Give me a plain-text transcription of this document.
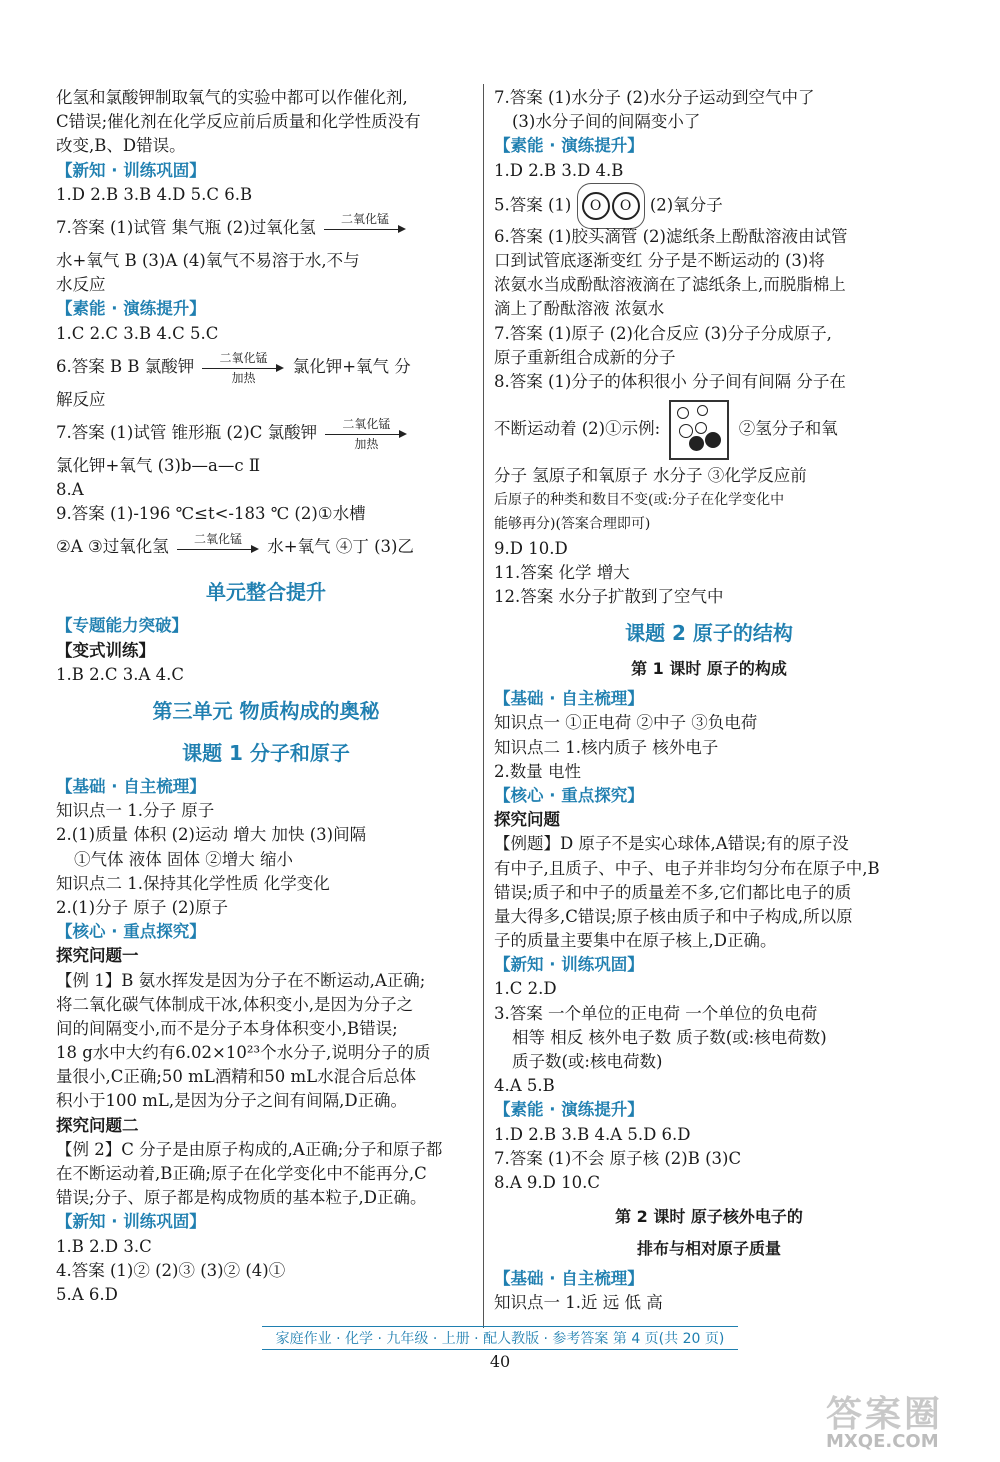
化氢和氯酸钾制取氧气的实验中都可以作催化剂,
C错误;催化剂在化学反应前后质量和化学性质没有
改变,B、D错误。
【新知 · 训练巩固】
1.D 2.B 3.B 4.D 5.C 6.B
7.答案 (1)试管 集气瓶 (2)过氧化氢	二氧化锰
水+氧气 B (3)A (4)氧气不易溶于水,不与
水反应
【素能 · 演练提升】
1.C 2.C 3.B 4.C 5.C
6.答案 B B 氯酸钾	二氧化锰
加热
氯化钾+氧气 分
解反应
7.答案 (1)试管 锥形瓶 (2)C 氯酸钾	二氧化锰
加热
氯化钾+氧气 (3)b—a—c Ⅱ
8.A
9.答案 (1)-196 ℃≤t<-183 ℃ (2)①水槽
②A ③过氧化氢	二氧化锰	水+氧气 ④丁 (3)乙
单元整合提升
【专题能力突破】
【变式训练】
1.B 2.C 3.A 4.C
第三单元 物质构成的奥秘
课题 1 分子和原子
【基础 · 自主梳理】
知识点一 1.分子 原子
2.(1)质量 体积 (2)运动 增大 加快 (3)间隔
①气体 液体 固体 ②增大 缩小
知识点二 1.保持其化学性质 化学变化
2.(1)分子 原子 (2)原子
【核心 · 重点探究】
探究问题一
【例 1】B 氨水挥发是因为分子在不断运动,A正确;
将二氧化碳气体制成干冰,体积变小,是因为分子之
间的间隔变小,而不是分子本身体积变小,B错误;
18 g水中大约有6.02×10²³个水分子,说明分子的质
量很小,C正确;50 mL酒精和50 mL水混合后总体
积小于100 mL,是因为分子之间有间隔,D正确。
探究问题二
【例 2】C 分子是由原子构成的,A正确;分子和原子都
在不断运动着,B正确;原子在化学变化中不能再分,C
错误;分子、原子都是构成物质的基本粒子,D正确。
【新知 · 训练巩固】
1.B 2.D 3.C
4.答案 (1)② (2)③ (3)② (4)①
5.A 6.D
7.答案 (1)水分子 (2)水分子运动到空气中了
(3)水分子间的间隔变小了
【素能 · 演练提升】
1.D 2.B 3.D 4.B
5.答案 (1) O O (2)氧分子
6.答案 (1)胶头滴管 (2)滤纸条上酚酞溶液由试管
口到试管底逐渐变红 分子是不断运动的 (3)将
浓氨水当成酚酞溶液滴在了滤纸条上,而脱脂棉上
滴上了酚酞溶液 浓氨水
7.答案 (1)原子 (2)化合反应 (3)分子分成原子,
原子重新组合成新的分子
8.答案 (1)分子的体积很小 分子间有间隔 分子在
不断运动着 (2)①示例:	②氢分子和氧
分子 氢原子和氧原子 水分子 ③化学反应前
后原子的种类和数目不变(或:分子在化学变化中
能够再分)(答案合理即可)
9.D 10.D
11.答案 化学 增大
12.答案 水分子扩散到了空气中
课题 2 原子的结构
第 1 课时 原子的构成
【基础 · 自主梳理】
知识点一 ①正电荷 ②中子 ③负电荷
知识点二 1.核内质子 核外电子
2.数量 电性
【核心 · 重点探究】
探究问题
【例题】D 原子不是实心球体,A错误;有的原子没
有中子,且质子、中子、电子并非均匀分布在原子中,B
错误;质子和中子的质量差不多,它们都比电子的质
量大得多,C错误;原子核由质子和中子构成,所以原
子的质量主要集中在原子核上,D正确。
【新知 · 训练巩固】
1.C 2.D
3.答案 一个单位的正电荷 一个单位的负电荷
相等 相反 核外电子数 质子数(或:核电荷数)
质子数(或:核电荷数)
4.A 5.B
【素能 · 演练提升】
1.D 2.B 3.B 4.A 5.D 6.D
7.答案 (1)不会 原子核 (2)B (3)C
8.A 9.D 10.C
第 2 课时 原子核外电子的
排布与相对原子质量
【基础 · 自主梳理】
知识点一 1.近 远 低 高
家庭作业 · 化学 · 九年级 · 上册 · 配人教版 · 参考答案 第 4 页(共 20 页)
40
答案圈
MXQE.COM
